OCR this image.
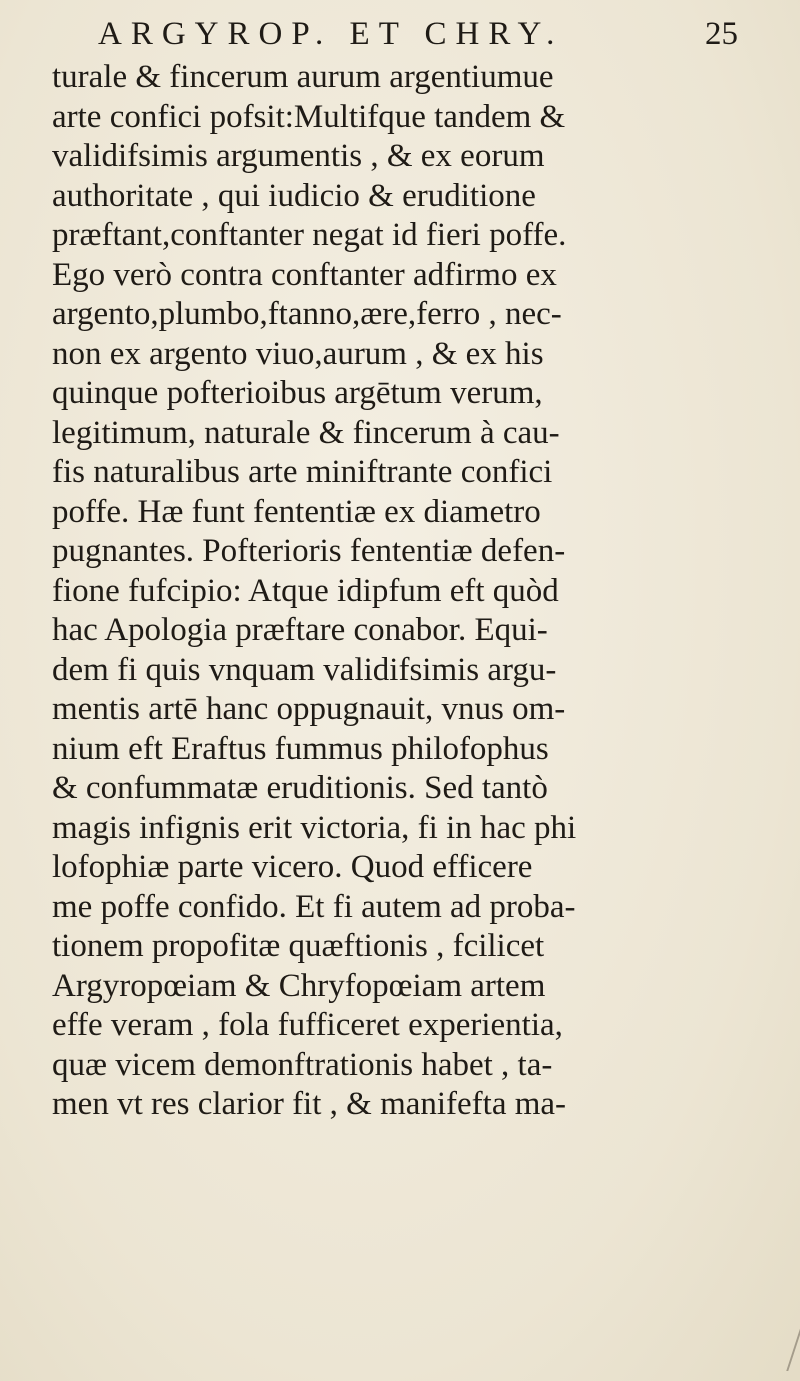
ARGYROP. ET CHRY.	25
turale & fincerum aurum argentiumue
arte confici pofsit:Multifque tandem &
validifsimis argumentis , & ex eorum
authoritate , qui iudicio & eruditione
præftant,conftanter negat id fieri poffe.
Ego verò contra conftanter adfirmo ex
argento,plumbo,ftanno,ære,ferro , nec-
non ex argento viuo,aurum , & ex his
quinque pofterioibus argētum verum,
legitimum, naturale & fincerum à cau-
fis naturalibus arte miniftrante confici
poffe. Hæ funt fententiæ ex diametro
pugnantes. Pofterioris fententiæ defen-
fione fufcipio: Atque idipfum eft quòd
hac Apologia præftare conabor. Equi-
dem fi quis vnquam validifsimis argu-
mentis artē hanc oppugnauit, vnus om-
nium eft Eraftus fummus philofophus
& confummatæ eruditionis. Sed tantò
magis infignis erit victoria, fi in hac phi
lofophiæ parte vicero. Quod efficere
me poffe confido. Et fi autem ad proba-
tionem propofitæ quæftionis , fcilicet
Argyropœiam & Chryfopœiam artem
effe veram , fola fufficeret experientia,
quæ vicem demonftrationis habet , ta-
men vt res clarior fit , & manifefta ma-
